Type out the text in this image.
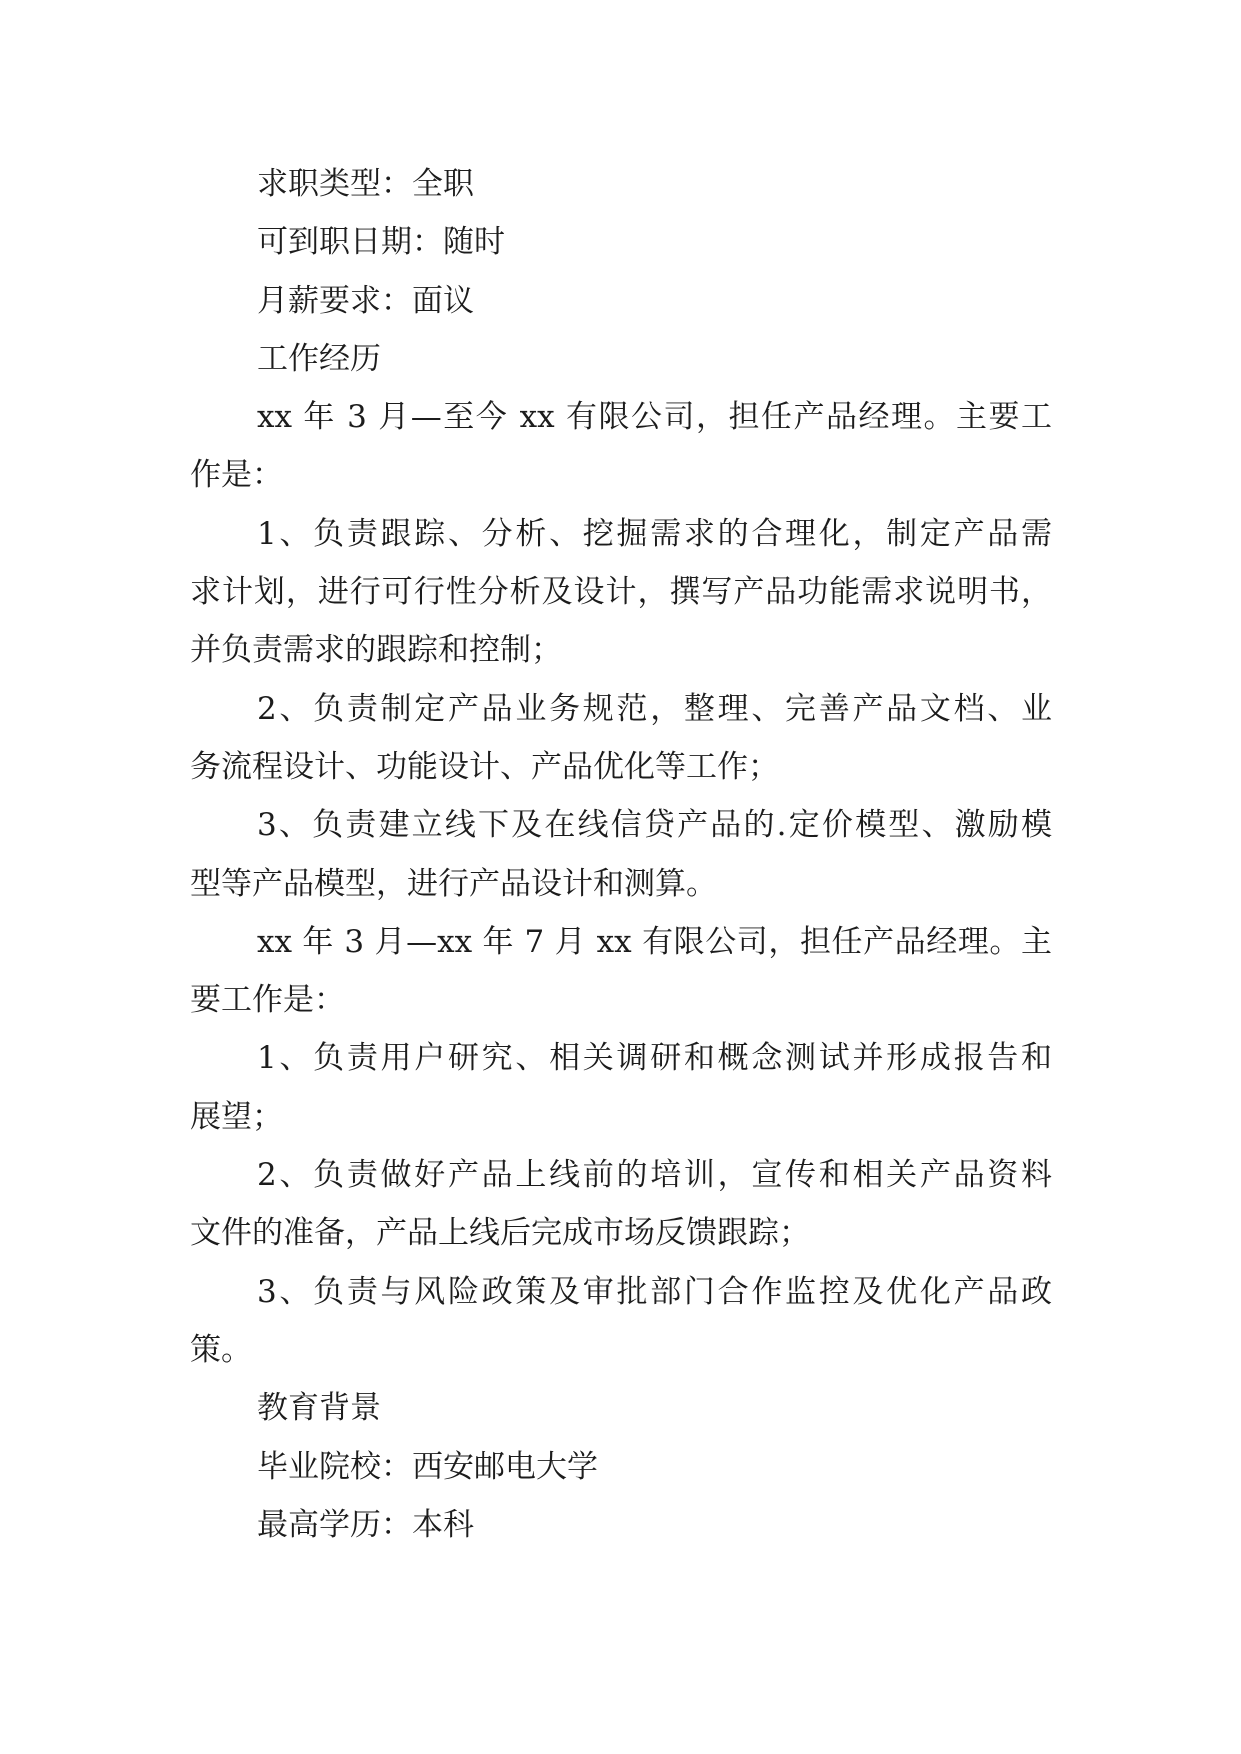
求职类型：全职
可到职日期：随时
月薪要求：面议
工作经历
xx 年 3 月—至今 xx 有限公司，担任产品经理。主要工
作是：
1、负责跟踪、分析、挖掘需求的合理化，制定产品需
求计划，进行可行性分析及设计，撰写产品功能需求说明书，
并负责需求的跟踪和控制；
2、负责制定产品业务规范，整理、完善产品文档、业
务流程设计、功能设计、产品优化等工作；
3、负责建立线下及在线信贷产品的.定价模型、激励模
型等产品模型，进行产品设计和测算。
xx 年 3 月—xx 年 7 月 xx 有限公司，担任产品经理。主
要工作是：
1、负责用户研究、相关调研和概念测试并形成报告和
展望；
2、负责做好产品上线前的培训，宣传和相关产品资料
文件的准备，产品上线后完成市场反馈跟踪；
3、负责与风险政策及审批部门合作监控及优化产品政
策。
教育背景
毕业院校：西安邮电大学
最高学历：本科
